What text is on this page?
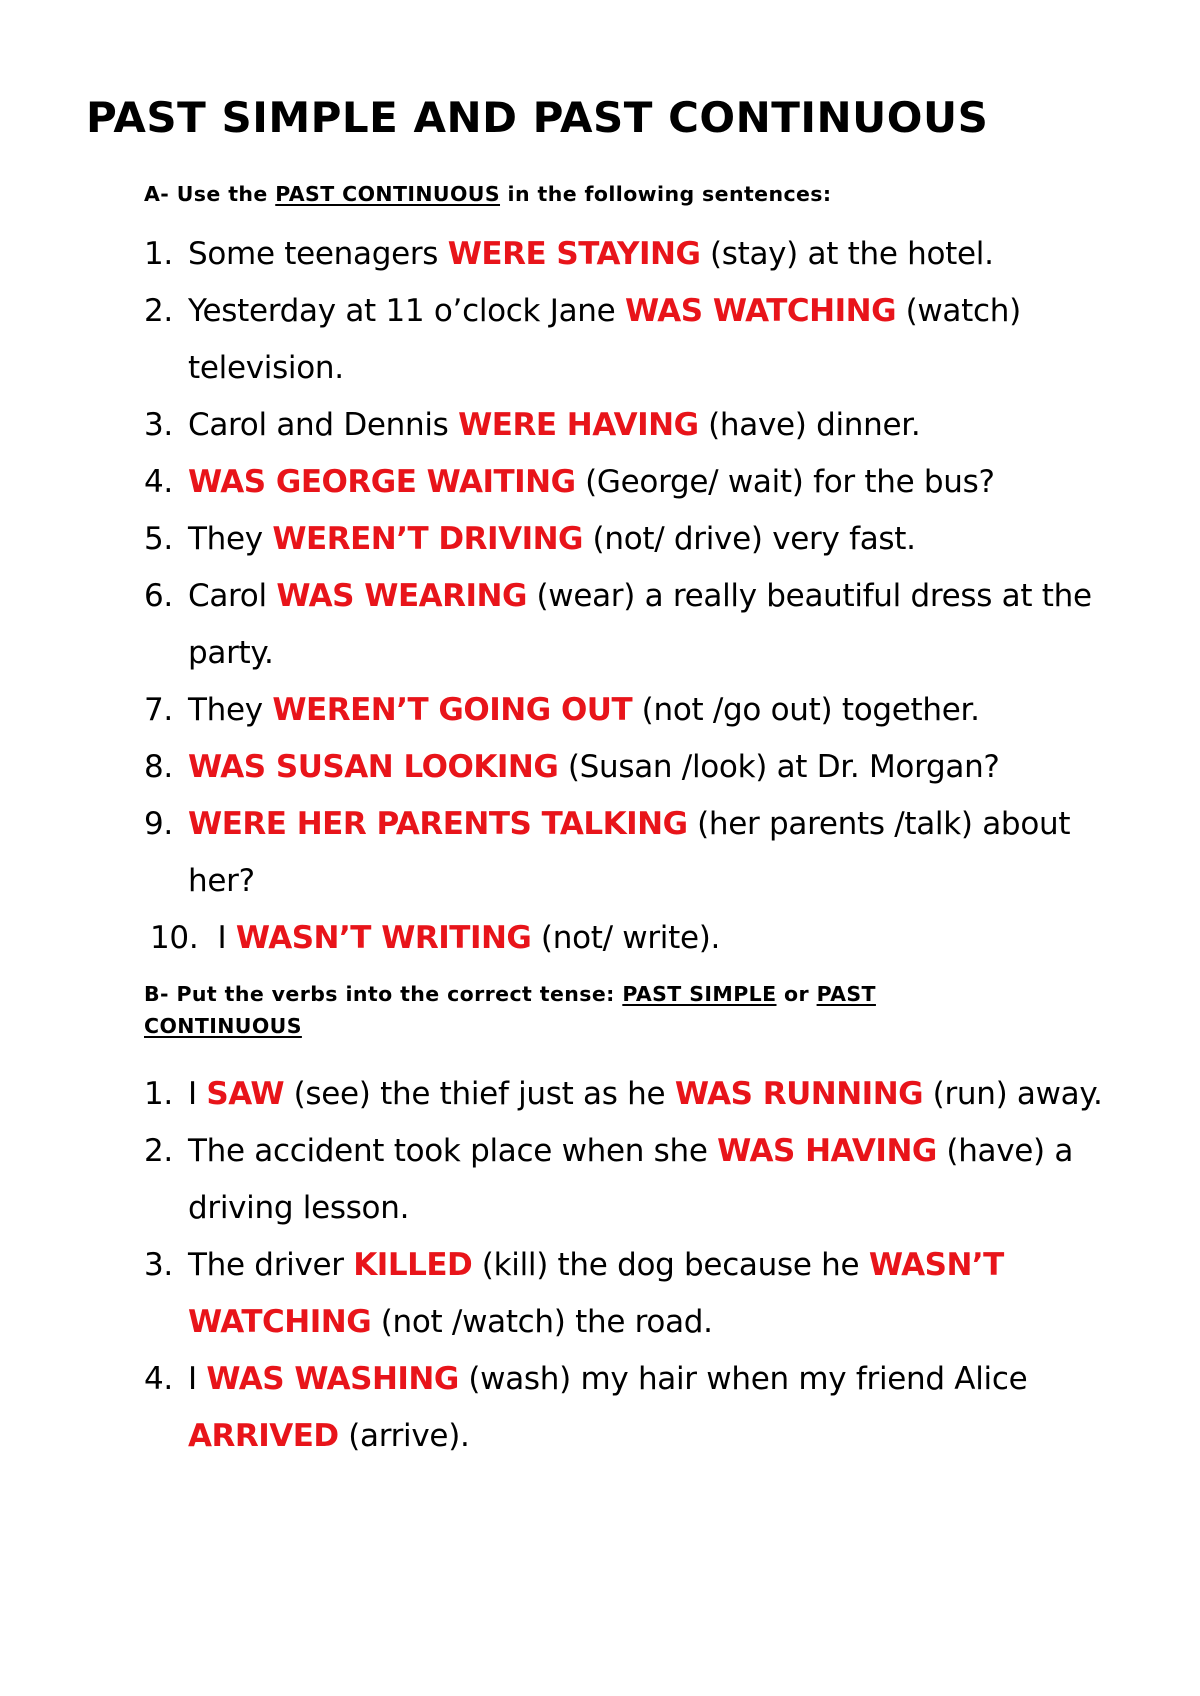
PAST SIMPLE AND PAST CONTINUOUS

A- Use the PAST CONTINUOUS in the following sentences:

1. Some teenagers WERE STAYING (stay) at the hotel.
2. Yesterday at 11 o’clock Jane WAS WATCHING (watch) television.
3. Carol and Dennis WERE HAVING (have) dinner.
4. WAS GEORGE WAITING (George/ wait) for the bus?
5. They WEREN’T DRIVING (not/ drive) very fast.
6. Carol WAS WEARING (wear) a really beautiful dress at the party.
7. They WEREN’T GOING OUT (not /go out) together.
8. WAS SUSAN LOOKING (Susan /look) at Dr. Morgan?
9. WERE HER PARENTS TALKING (her parents /talk) about her?
10.  I WASN’T WRITING (not/ write).

B- Put the verbs into the correct tense: PAST SIMPLE or PAST CONTINUOUS

1. I SAW (see) the thief just as he WAS RUNNING (run) away.
2. The accident took place when she WAS HAVING (have) a driving lesson.
3. The driver KILLED (kill) the dog because he WASN’T WATCHING (not /watch) the road.
4. I WAS WASHING (wash) my hair when my friend Alice ARRIVED (arrive).
